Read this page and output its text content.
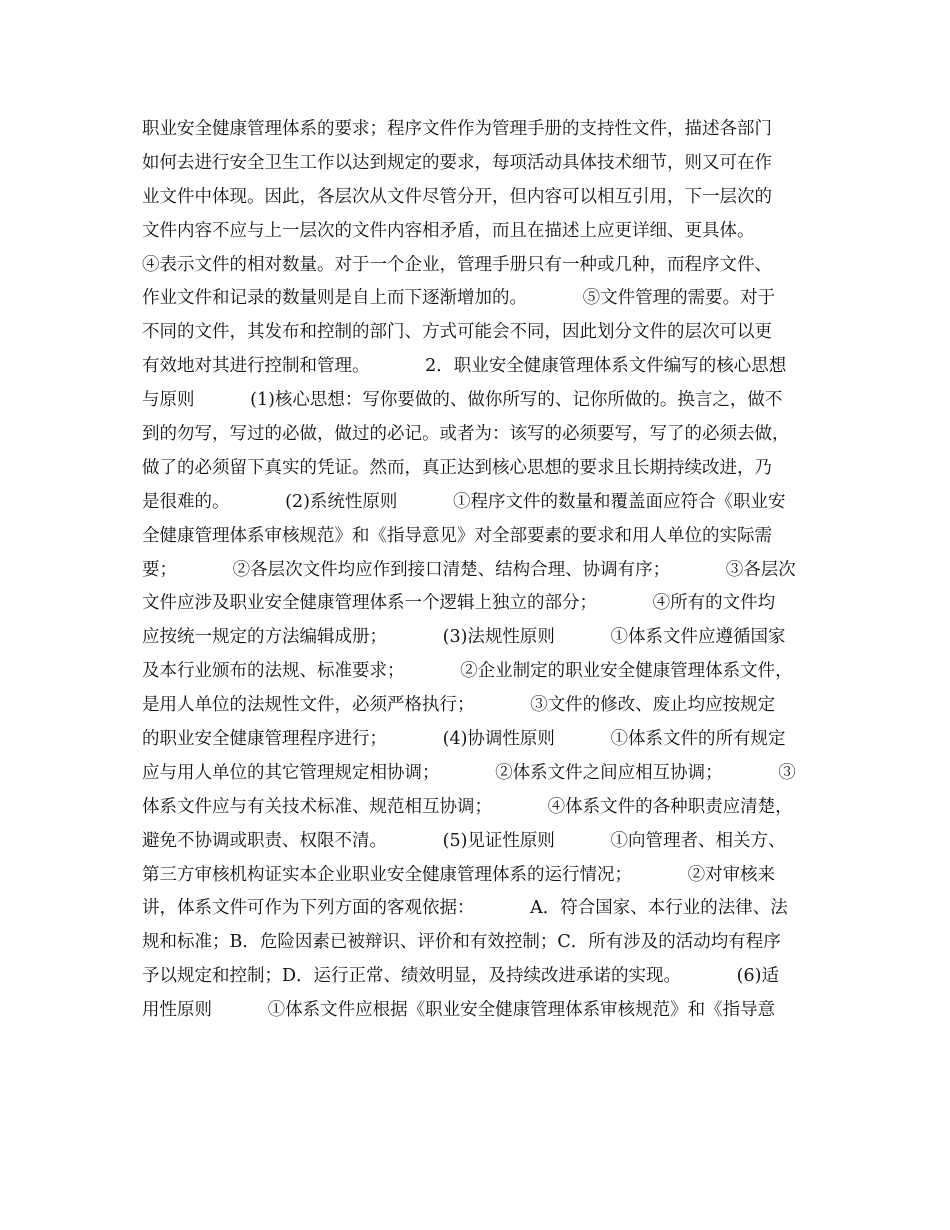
职业安全健康管理体系的要求；程序文件作为管理手册的支持性文件，描述各部门
如何去进行安全卫生工作以达到规定的要求，每项活动具体技术细节，则又可在作
业文件中体现。因此，各层次从文件尽管分开，但内容可以相互引用，下一层次的
文件内容不应与上一层次的文件内容相矛盾，而且在描述上应更详细、更具体。
④表示文件的相对数量。对于一个企业，管理手册只有一种或几种，而程序文件、
作业文件和记录的数量则是自上而下逐渐增加的。          ⑤文件管理的需要。对于
不同的文件，其发布和控制的部门、方式可能会不同，因此划分文件的层次可以更
有效地对其进行控制和管理。          2．职业安全健康管理体系文件编写的核心思想
与原则          (1)核心思想：写你要做的、做你所写的、记你所做的。换言之，做不
到的勿写，写过的必做，做过的必记。或者为：该写的必须要写，写了的必须去做，
做了的必须留下真实的凭证。然而，真正达到核心思想的要求且长期持续改进，乃
是很难的。          (2)系统性原则          ①程序文件的数量和覆盖面应符合《职业安
全健康管理体系审核规范》和《指导意见》对全部要素的要求和用人单位的实际需
要；          ②各层次文件均应作到接口清楚、结构合理、协调有序；          ③各层次
文件应涉及职业安全健康管理体系一个逻辑上独立的部分；          ④所有的文件均
应按统一规定的方法编辑成册；          (3)法规性原则          ①体系文件应遵循国家
及本行业颁布的法规、标准要求；          ②企业制定的职业安全健康管理体系文件，
是用人单位的法规性文件，必须严格执行；          ③文件的修改、废止均应按规定
的职业安全健康管理程序进行；          (4)协调性原则          ①体系文件的所有规定
应与用人单位的其它管理规定相协调；          ②体系文件之间应相互协调；          ③
体系文件应与有关技术标准、规范相互协调；          ④体系文件的各种职责应清楚，
避免不协调或职责、权限不清。          (5)见证性原则          ①向管理者、相关方、
第三方审核机构证实本企业职业安全健康管理体系的运行情况；          ②对审核来
讲，体系文件可作为下列方面的客观依据：          A．符合国家、本行业的法律、法
规和标准；B．危险因素已被辩识、评价和有效控制；C．所有涉及的活动均有程序
予以规定和控制；D．运行正常、绩效明显，及持续改进承诺的实现。          (6)适
用性原则          ①体系文件应根据《职业安全健康管理体系审核规范》和《指导意
